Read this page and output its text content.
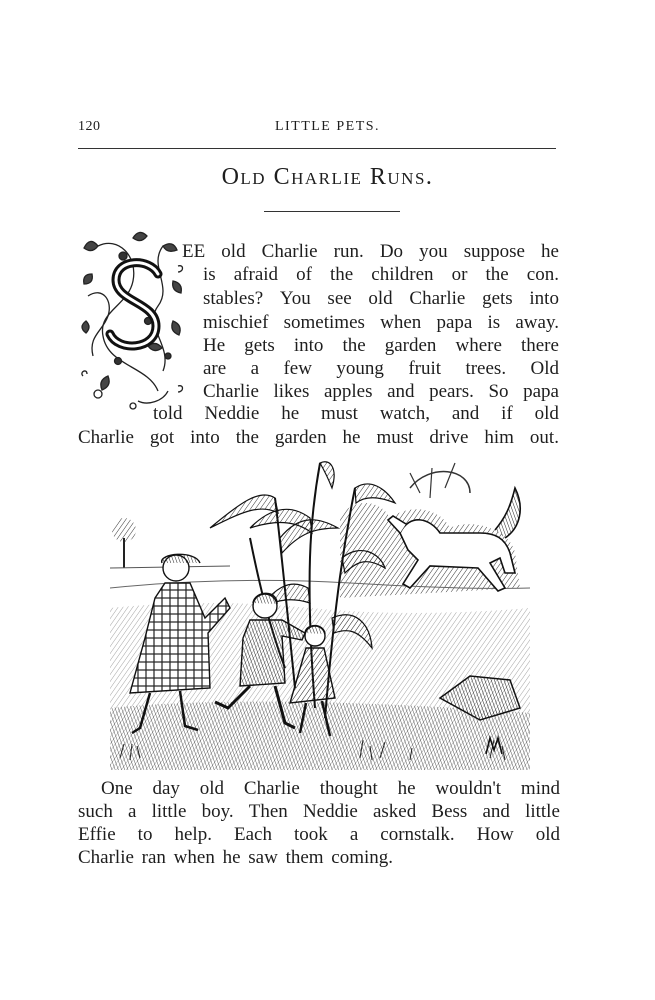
120	LITTLE PETS.
Old Charlie Runs.
EE old Charlie run. Do you suppose he
is afraid of the children or the con.
stables? You see old Charlie gets into
mischief sometimes when papa is away.
He gets into the garden where there
are a few young fruit trees. Old
Charlie likes apples and pears. So papa
told Neddie he must watch, and if old
Charlie got into the garden he must drive him out.
One day old Charlie thought he wouldn't mind
such a little boy. Then Neddie asked Bess and little
Effie to help. Each took a cornstalk. How old
Charlie ran when he saw them coming.
